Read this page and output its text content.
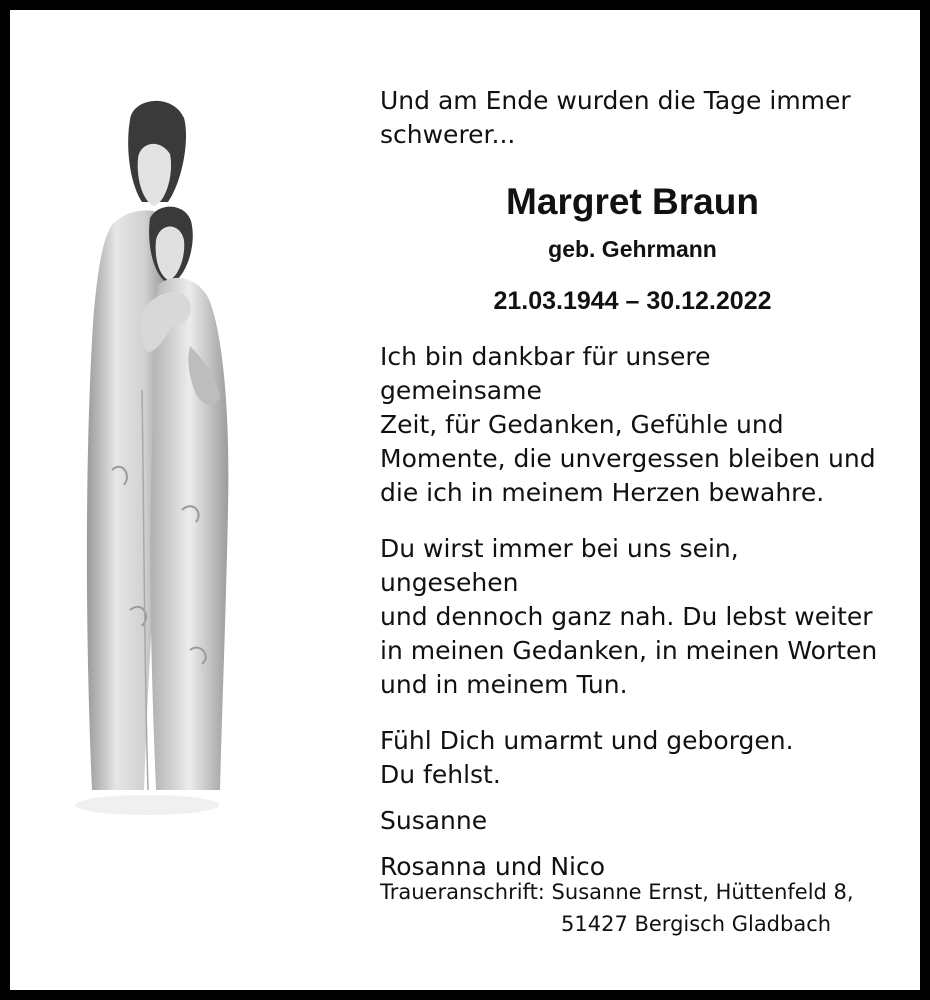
Und am Ende wurden die Tage immer

schwerer...

Margret Braun

geb. Gehrmann

21.03.1944 – 30.12.2022

Ich bin dankbar für unsere gemeinsame

Zeit, für Gedanken, Gefühle und

Momente, die unvergessen bleiben und

die ich in meinem Herzen bewahre.

Du wirst immer bei uns sein, ungesehen

und dennoch ganz nah. Du lebst weiter

in meinen Gedanken, in meinen Worten

und in meinem Tun.

Fühl Dich umarmt und geborgen.

Du fehlst.

Susanne

Rosanna und Nico

Traueranschrift: Susanne Ernst, Hüttenfeld 8,
51427 Bergisch Gladbach
